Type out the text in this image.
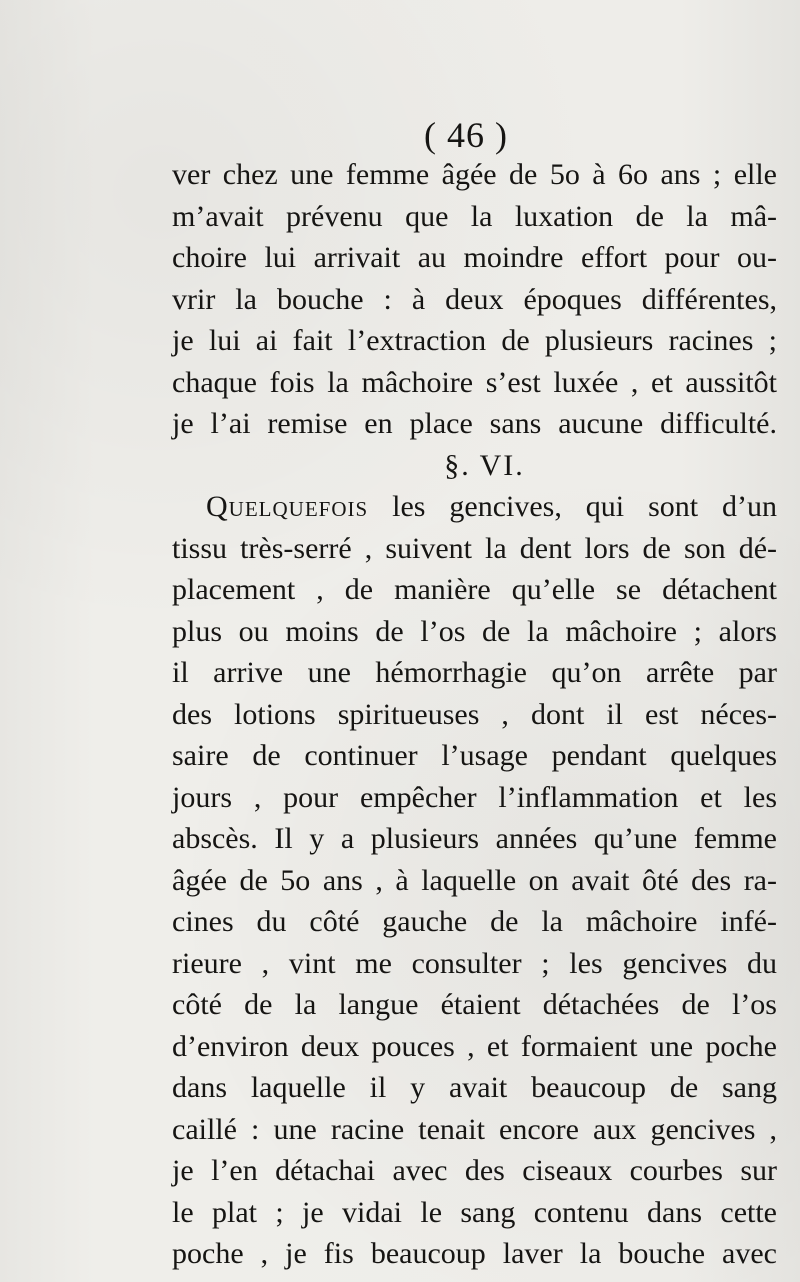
( 46 )
ver chez une femme âgée de 5o à 6o ans ; elle
m’avait prévenu que la luxation de la mâ-
choire lui arrivait au moindre effort pour ou-
vrir la bouche : à deux époques différentes,
je lui ai fait l’extraction de plusieurs racines ;
chaque fois la mâchoire s’est luxée , et aussitôt
je l’ai remise en place sans aucune difficulté.
§. VI.
Quelquefois les gencives, qui sont d’un
tissu très-serré , suivent la dent lors de son dé-
placement , de manière qu’elle se détachent
plus ou moins de l’os de la mâchoire ; alors
il arrive une hémorrhagie qu’on arrête par
des lotions spiritueuses , dont il est néces-
saire de continuer l’usage pendant quelques
jours , pour empêcher l’inflammation et les
abscès. Il y a plusieurs années qu’une femme
âgée de 5o ans , à laquelle on avait ôté des ra-
cines du côté gauche de la mâchoire infé-
rieure , vint me consulter ; les gencives du
côté de la langue étaient détachées de l’os
d’environ deux pouces , et formaient une poche
dans laquelle il y avait beaucoup de sang
caillé : une racine tenait encore aux gencives ,
je l’en détachai avec des ciseaux courbes sur
le plat ; je vidai le sang contenu dans cette
poche , je fis beaucoup laver la bouche avec
